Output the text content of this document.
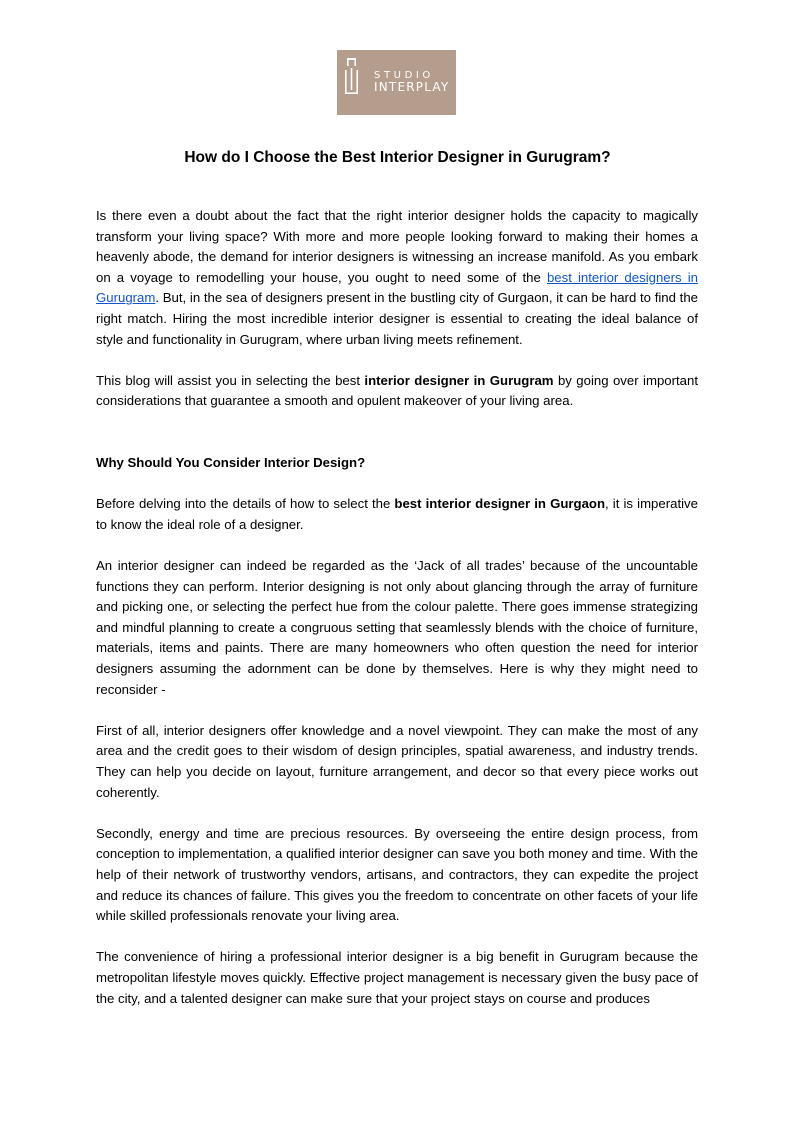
STUDIO
INTERPLAY
How do I Choose the Best Interior Designer in Gurugram?

Is there even a doubt about the fact that the right interior designer holds the capacity to magically transform your living space? With more and more people looking forward to making their homes a heavenly abode, the demand for interior designers is witnessing an increase manifold. As you embark on a voyage to remodelling your house, you ought to need some of the best interior designers in Gurugram. But, in the sea of designers present in the bustling city of Gurgaon, it can be hard to find the right match. Hiring the most incredible interior designer is essential to creating the ideal balance of style and functionality in Gurugram, where urban living meets refinement.

This blog will assist you in selecting the best interior designer in Gurugram by going over important considerations that guarantee a smooth and opulent makeover of your living area.

Why Should You Consider Interior Design?

Before delving into the details of how to select the best interior designer in Gurgaon, it is imperative to know the ideal role of a designer.

An interior designer can indeed be regarded as the ‘Jack of all trades’ because of the uncountable functions they can perform. Interior designing is not only about glancing through the array of furniture and picking one, or selecting the perfect hue from the colour palette. There goes immense strategizing and mindful planning to create a congruous setting that seamlessly blends with the choice of furniture, materials, items and paints. There are many homeowners who often question the need for interior designers assuming the adornment can be done by themselves. Here is why they might need to reconsider -

First of all, interior designers offer knowledge and a novel viewpoint. They can make the most of any area and the credit goes to their wisdom of design principles, spatial awareness, and industry trends. They can help you decide on layout, furniture arrangement, and decor so that every piece works out coherently.

Secondly, energy and time are precious resources. By overseeing the entire design process, from conception to implementation, a qualified interior designer can save you both money and time. With the help of their network of trustworthy vendors, artisans, and contractors, they can expedite the project and reduce its chances of failure. This gives you the freedom to concentrate on other facets of your life while skilled professionals renovate your living area.

The convenience of hiring a professional interior designer is a big benefit in Gurugram because the metropolitan lifestyle moves quickly. Effective project management is necessary given the busy pace of the city, and a talented designer can make sure that your project stays on course and produces
